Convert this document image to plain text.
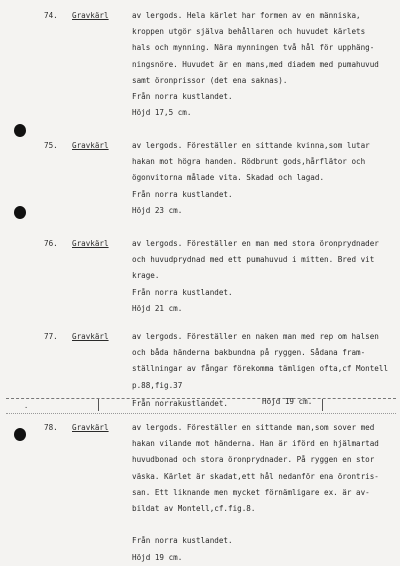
74. Gravkärl	av lergods. Hela kärlet har formen av en människa,
kroppen utgör själva behållaren och huvudet kärlets
hals och mynning. Nära mynningen två hål för upphäng-
ningsnöre. Huvudet är en mans,med diadem med pumahuvud
samt öronprissor (det ena saknas).
Från norra kustlandet.
Höjd 17,5 cm.
75. Gravkärl	av lergods. Föreställer en sittande kvinna,som lutar
hakan mot högra handen. Rödbrunt gods,hårflätor och
ögonvitorna målade vita. Skadad och lagad.
Från norra kustlandet.
Höjd 23 cm.
76. Gravkärl	av lergods. Föreställer en man med stora öronprydnader
och huvudprydnad med ett pumahuvud i mitten. Bred vit
krage.
Från norra kustlandet.
Höjd 21 cm.
77. Gravkärl	av lergods. Föreställer en naken man med rep om halsen
och båda händerna bakbundna på ryggen. Sådana fram-
ställningar av fångar förekomma tämligen ofta,cf Montell
p.88,fig.37
.	Från norrakustlandet.	Höjd 19 cm.
78. Gravkärl	av lergods. Föreställer en sittande man,som sover med
hakan vilande mot händerna. Han är iförd en hjälmartad
huvudbonad och stora öronprydnader. På ryggen en stor
väska. Kärlet är skadat,ett hål nedanför ena örontris-
san. Ett liknande men mycket förnämligare ex. är av-
bildat av Montell,cf.fig.8.

Från norra kustlandet.
Höjd 19 cm.
